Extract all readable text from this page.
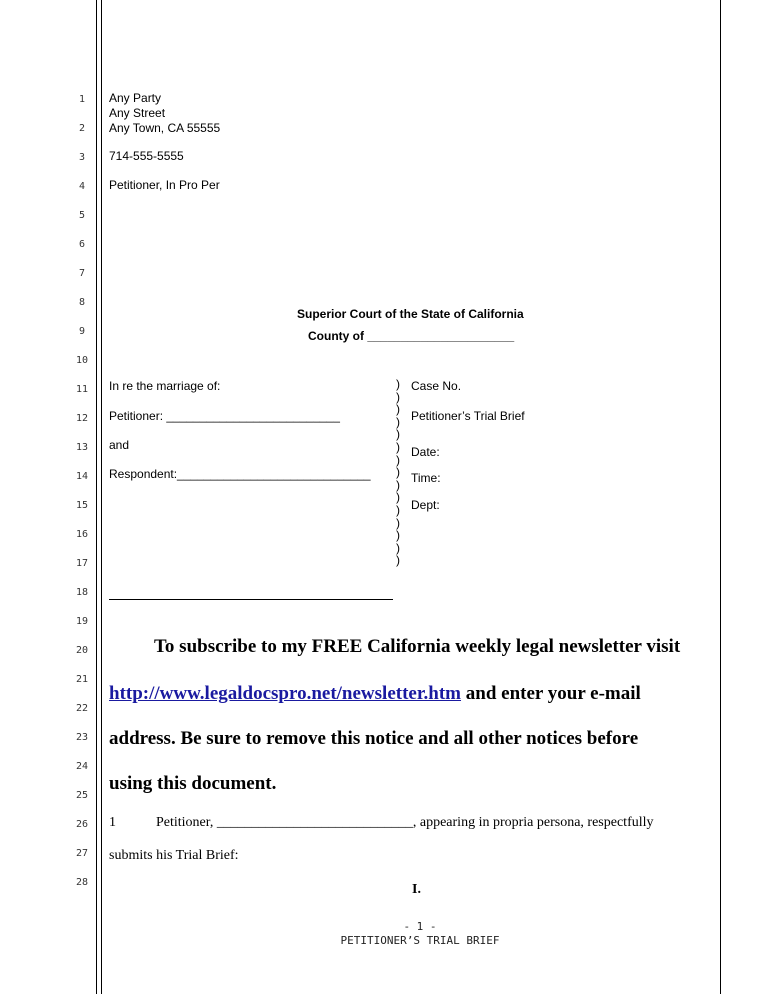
1
2
3
4
5
6
7
8
9
10
11
12
13
14
15
16
17
18
19
20
21
22
23
24
25
26
27
28
Any Party
Any Street
Any Town, CA 55555
714-555-5555
Petitioner, In Pro Per
Superior Court of the State of California
County of ______________________
In re the marriage of:
Petitioner: __________________________
and
Respondent:_____________________________
)
)
)
)
)
)
)
)
)
)
)
)
)
)
)
Case No.
Petitioner’s Trial Brief
Date:
Time:
Dept:
To subscribe to my FREE California weekly legal newsletter visit
http://www.legaldocspro.net/newsletter.htm and enter your e-mail
address. Be sure to remove this notice and all other notices before
using this document.
1	Petitioner, ____________________________, appearing in propria persona, respectfully
submits his Trial Brief:
I.
- 1 -
PETITIONER’S TRIAL BRIEF
